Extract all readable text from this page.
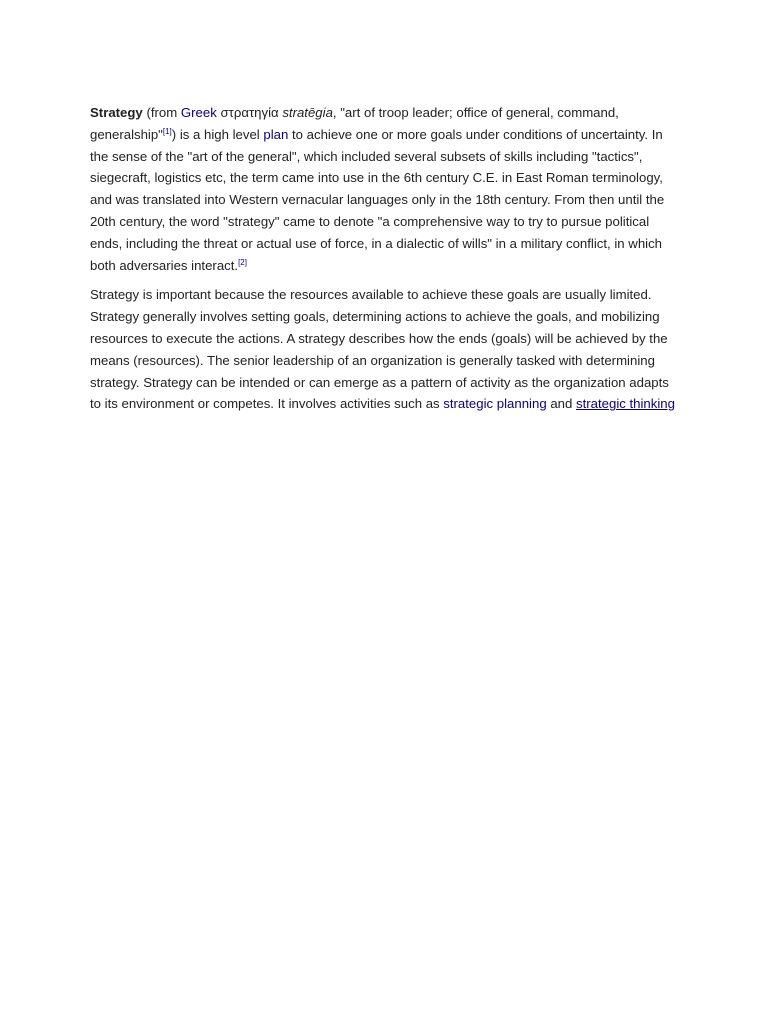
Strategy (from Greek στρατηγία stratēgia, "art of troop leader; office of general, command, generalship"[1]) is a high level plan to achieve one or more goals under conditions of uncertainty. In the sense of the "art of the general", which included several subsets of skills including "tactics", siegecraft, logistics etc, the term came into use in the 6th century C.E. in East Roman terminology, and was translated into Western vernacular languages only in the 18th century. From then until the 20th century, the word "strategy" came to denote "a comprehensive way to try to pursue political ends, including the threat or actual use of force, in a dialectic of wills" in a military conflict, in which both adversaries interact.[2]

Strategy is important because the resources available to achieve these goals are usually limited. Strategy generally involves setting goals, determining actions to achieve the goals, and mobilizing resources to execute the actions. A strategy describes how the ends (goals) will be achieved by the means (resources). The senior leadership of an organization is generally tasked with determining strategy. Strategy can be intended or can emerge as a pattern of activity as the organization adapts to its environment or competes. It involves activities such as strategic planning and strategic thinking
